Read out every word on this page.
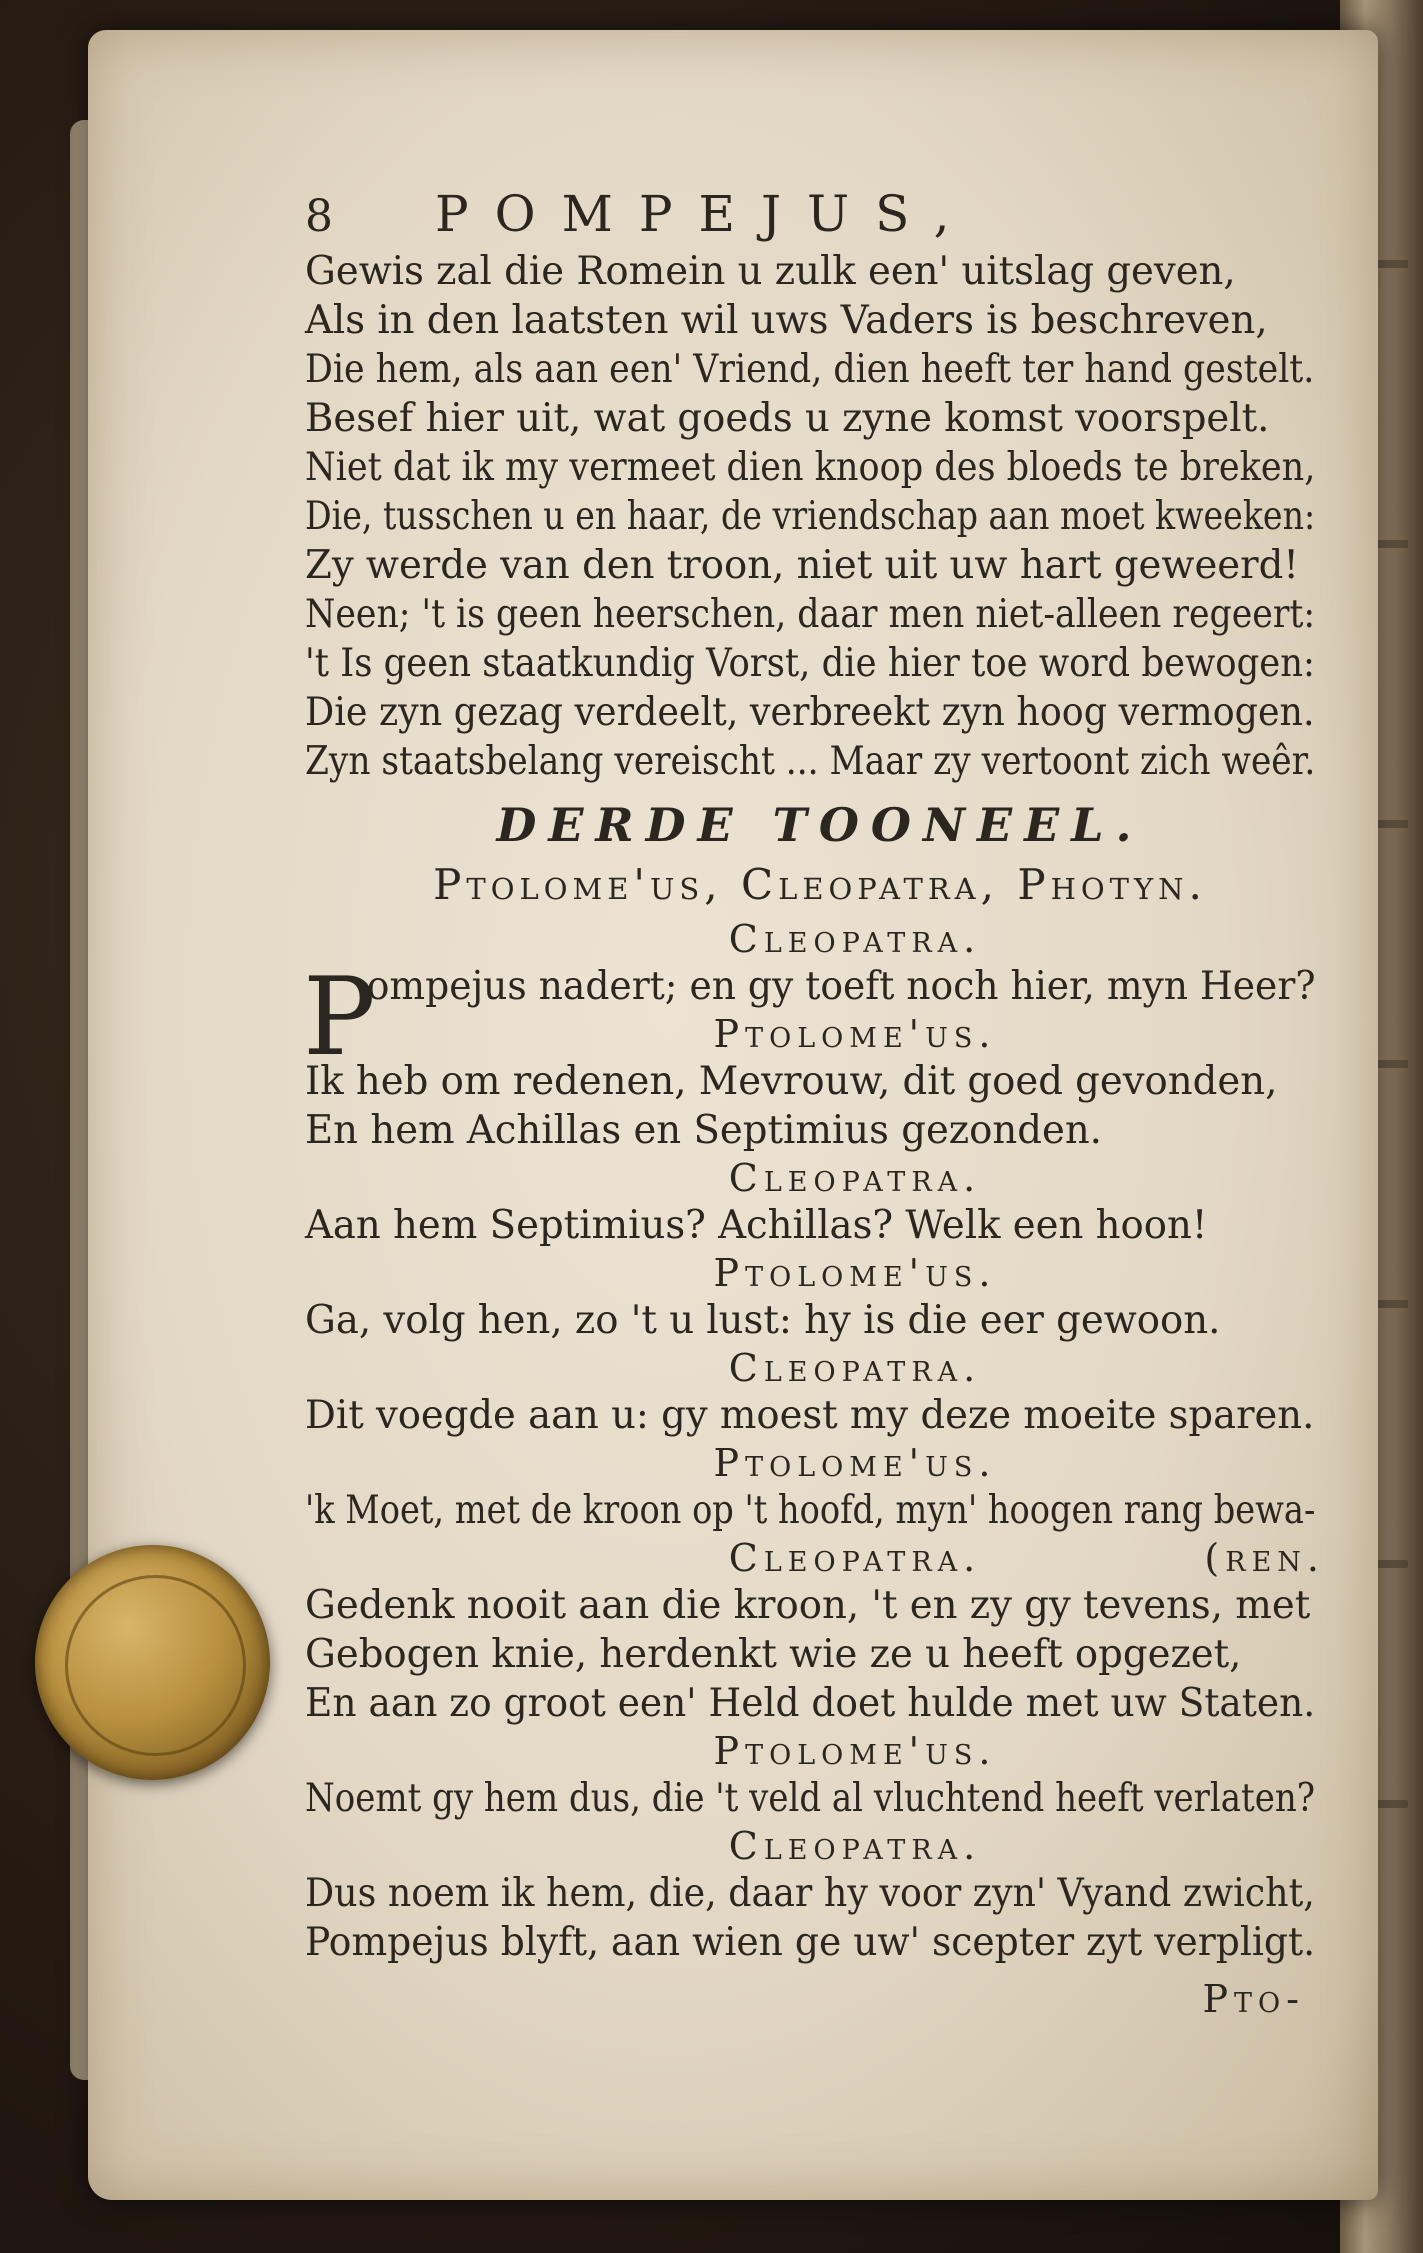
8	POMPEJUS,
Gewis zal die Romein u zulk een' uitslag geven,
Als in den laatsten wil uws Vaders is beschreven,
Die hem, als aan een' Vriend, dien heeft ter hand gestelt.
Besef hier uit, wat goeds u zyne komst voorspelt.
Niet dat ik my vermeet dien knoop des bloeds te breken,
Die, tusschen u en haar, de vriendschap aan moet kweeken:
Zy werde van den troon, niet uit uw hart geweerd!
Neen; 't is geen heerschen, daar men niet-alleen regeert:
't Is geen staatkundig Vorst, die hier toe word bewogen:
Die zyn gezag verdeelt, verbreekt zyn hoog vermogen.
Zyn staatsbelang vereischt ... Maar zy vertoont zich weêr.
DERDE TOONEEL.
Ptolome'us, Cleopatra, Photyn.
Cleopatra.
P
ompejus nadert; en gy toeft noch hier, myn Heer?
Ptolome'us.
Ik heb om redenen, Mevrouw, dit goed gevonden,
En hem Achillas en Septimius gezonden.
Cleopatra.
Aan hem Septimius? Achillas? Welk een hoon!
Ptolome'us.
Ga, volg hen, zo 't u lust: hy is die eer gewoon.
Cleopatra.
Dit voegde aan u: gy moest my deze moeite sparen.
Ptolome'us.
'k Moet, met de kroon op 't hoofd, myn' hoogen rang bewa-
Cleopatra.	(ren.
Gedenk nooit aan die kroon, 't en zy gy tevens, met
Gebogen knie, herdenkt wie ze u heeft opgezet,
En aan zo groot een' Held doet hulde met uw Staten.
Ptolome'us.
Noemt gy hem dus, die 't veld al vluchtend heeft verlaten?
Cleopatra.
Dus noem ik hem, die, daar hy voor zyn' Vyand zwicht,
Pompejus blyft, aan wien ge uw' scepter zyt verpligt.
Pto-
